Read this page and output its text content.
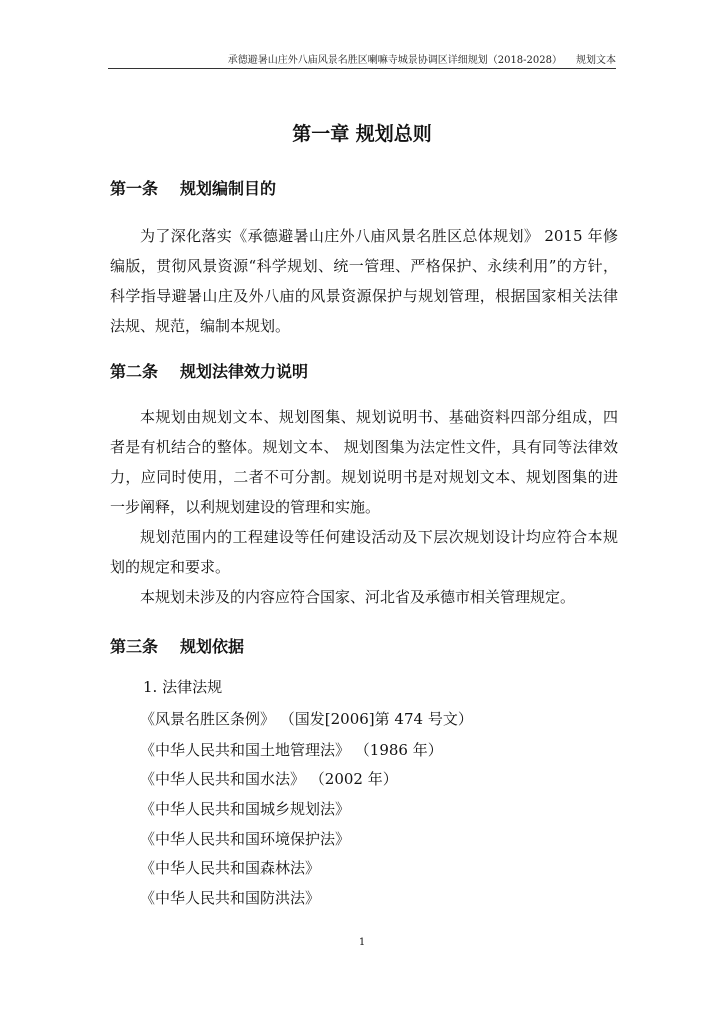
承德避暑山庄外八庙风景名胜区喇嘛寺城景协调区详细规划（2018-2028） 规划文本
第一章 规划总则
第一条 规划编制目的

为了深化落实《承德避暑山庄外八庙风景名胜区总体规划》 2015 年修编版，贯彻风景资源“科学规划、统一管理、严格保护、永续利用”的方针，科学指导避暑山庄及外八庙的风景资源保护与规划管理，根据国家相关法律法规、规范，编制本规划。

第二条 规划法律效力说明

本规划由规划文本、规划图集、规划说明书、基础资料四部分组成，四者是有机结合的整体。规划文本、 规划图集为法定性文件，具有同等法律效力，应同时使用，二者不可分割。规划说明书是对规划文本、规划图集的进一步阐释，以利规划建设的管理和实施。

规划范围内的工程建设等任何建设活动及下层次规划设计均应符合本规划的规定和要求。

本规划未涉及的内容应符合国家、河北省及承德市相关管理规定。

第三条 规划依据

1. 法律法规

《风景名胜区条例》 （国发[2006]第 474 号文）

《中华人民共和国土地管理法》 （1986 年）

《中华人民共和国水法》 （2002 年）

《中华人民共和国城乡规划法》

《中华人民共和国环境保护法》

《中华人民共和国森林法》

《中华人民共和国防洪法》

1
